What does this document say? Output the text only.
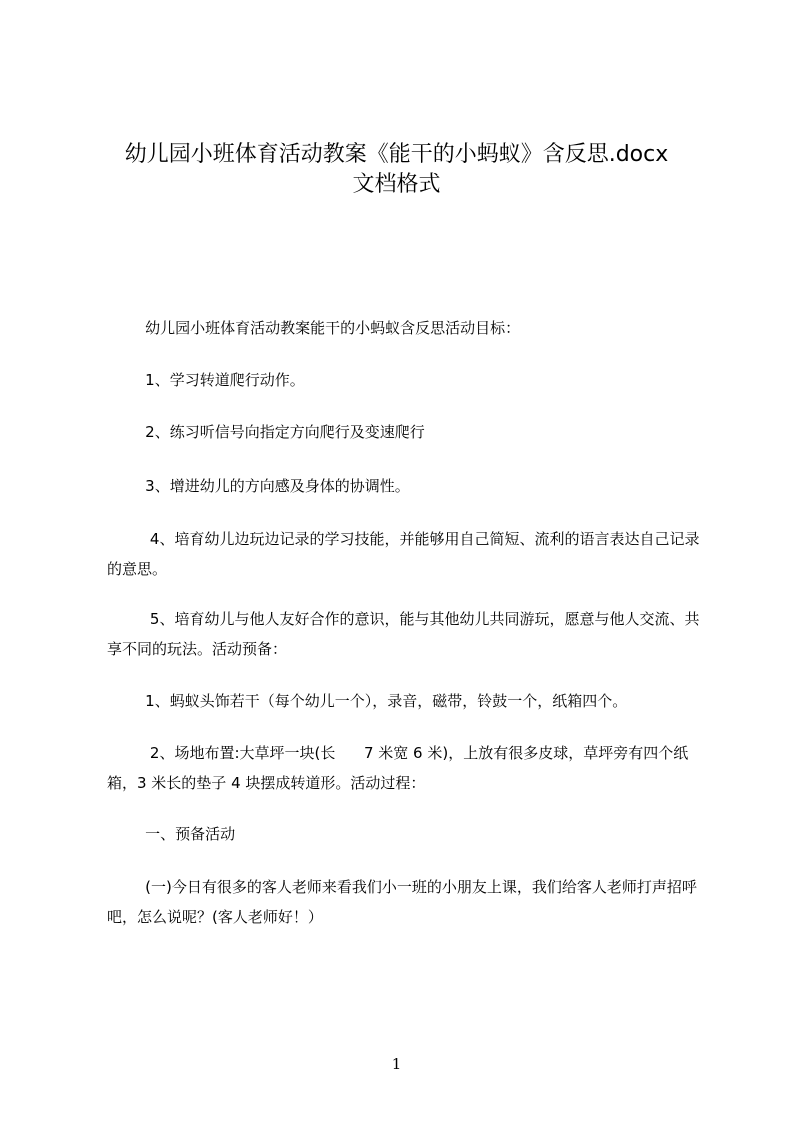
幼儿园小班体育活动教案《能干的小蚂蚁》含反思.docx
文档格式
幼儿园小班体育活动教案能干的小蚂蚁含反思活动目标：
1、学习转道爬行动作。
2、练习听信号向指定方向爬行及变速爬行
3、增进幼儿的方向感及身体的协调性。
4、培育幼儿边玩边记录的学习技能，并能够用自己简短、流利的语言表达自己记录的意思。
5、培育幼儿与他人友好合作的意识，能与其他幼儿共同游玩，愿意与他人交流、共享不同的玩法。活动预备：
1、蚂蚁头饰若干（每个幼儿一个），录音，磁带，铃鼓一个，纸箱四个。
2、场地布置:大草坪一块(长      7 米宽 6 米)，上放有很多皮球，草坪旁有四个纸箱，3 米长的垫子 4 块摆成转道形。活动过程：
一、预备活动
(一)今日有很多的客人老师来看我们小一班的小朋友上课，我们给客人老师打声招呼吧，怎么说呢？(客人老师好！）
1
